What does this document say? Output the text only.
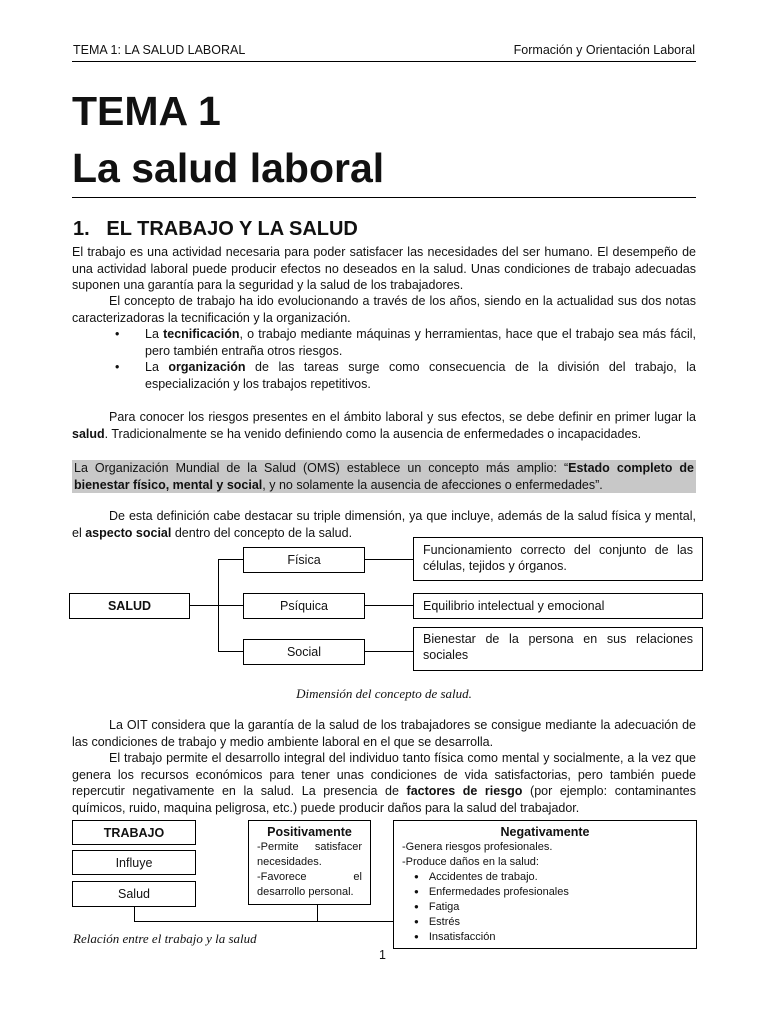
TEMA 1: LA SALUD LABORAL	Formación y Orientación Laboral
TEMA 1
La salud laboral
1.   EL TRABAJO Y LA SALUD
El trabajo es una actividad necesaria para poder satisfacer las necesidades del ser humano. El desempeño de una actividad laboral puede producir efectos no deseados en la salud. Unas condiciones de trabajo adecuadas suponen una garantía para la seguridad y la salud de los trabajadores.
El concepto de trabajo ha ido evolucionando a través de los años, siendo en la actualidad sus dos notas caracterizadoras la tecnificación y la organización.
• La tecnificación, o trabajo mediante máquinas y herramientas, hace que el trabajo sea más fácil, pero también entraña otros riesgos.
• La organización de las tareas surge como consecuencia de la división del trabajo, la especialización y los trabajos repetitivos.
Para conocer los riesgos presentes en el ámbito laboral y sus efectos, se debe definir en primer lugar la salud. Tradicionalmente se ha venido definiendo como la ausencia de enfermedades o incapacidades.
La Organización Mundial de la Salud (OMS) establece un concepto más amplio: “Estado completo de bienestar físico, mental y social, y no solamente la ausencia de afecciones o enfermedades”.
De esta definición cabe destacar su triple dimensión, ya que incluye, además de la salud física y mental, el aspecto social dentro del concepto de la salud.
SALUD
Física
Psíquica
Social
Funcionamiento correcto del conjunto de las células, tejidos y órganos.
Equilibrio intelectual y emocional
Bienestar de la persona en sus relaciones sociales
Dimensión del concepto de salud.
La OIT considera que la garantía de la salud de los trabajadores se consigue mediante la adecuación de las condiciones de trabajo y medio ambiente laboral en el que se desarrolla.
El trabajo permite el desarrollo integral del individuo tanto física como mental y socialmente, a la vez que genera los recursos económicos para tener unas condiciones de vida satisfactorias, pero también puede repercutir negativamente en la salud. La presencia de factores de riesgo (por ejemplo: contaminantes químicos, ruido, maquina peligrosa, etc.) puede producir daños para la salud del trabajador.
TRABAJO
Influye
Salud
Positivamente
-Permite satisfacer necesidades.
-Favorece el desarrollo personal.
Negativamente
-Genera riesgos profesionales.
-Produce daños en la salud:
● Accidentes de trabajo.
● Enfermedades profesionales
● Fatiga
● Estrés
● Insatisfacción
Relación entre el trabajo y la salud
1
